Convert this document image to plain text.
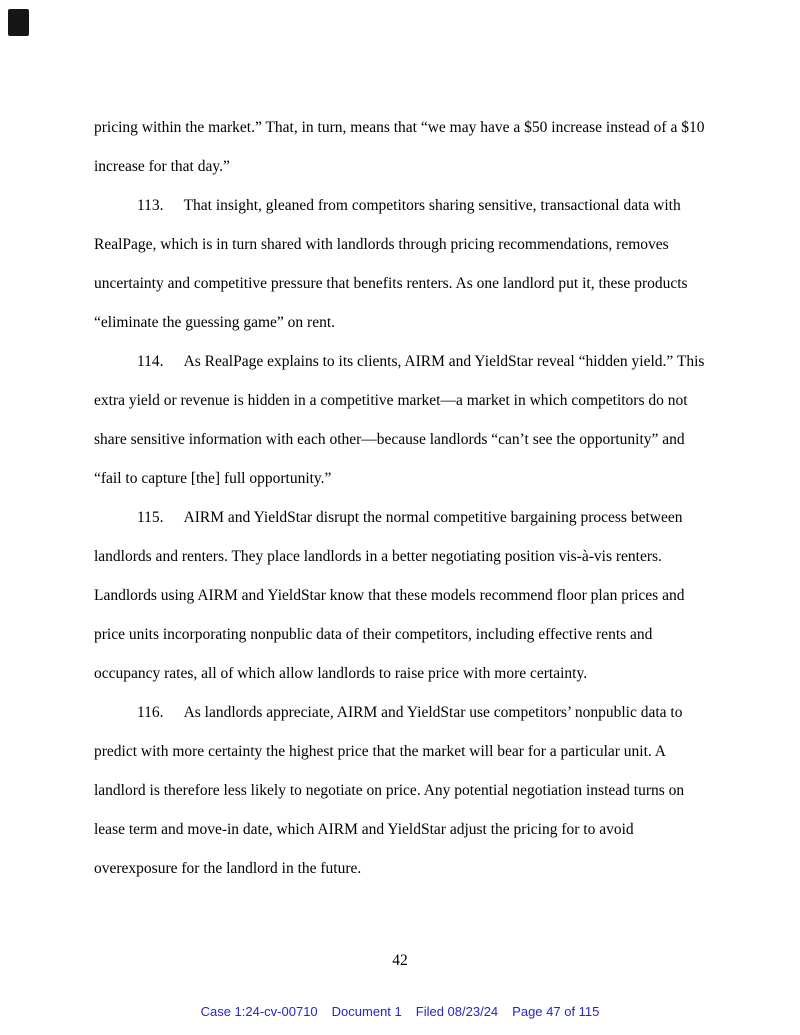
pricing within the market.” That, in turn, means that “we may have a $50 increase instead of a $10 increase for that day.”

113. That insight, gleaned from competitors sharing sensitive, transactional data with RealPage, which is in turn shared with landlords through pricing recommendations, removes uncertainty and competitive pressure that benefits renters. As one landlord put it, these products “eliminate the guessing game” on rent.

114. As RealPage explains to its clients, AIRM and YieldStar reveal “hidden yield.” This extra yield or revenue is hidden in a competitive market—a market in which competitors do not share sensitive information with each other—because landlords “can’t see the opportunity” and “fail to capture [the] full opportunity.”

115. AIRM and YieldStar disrupt the normal competitive bargaining process between landlords and renters. They place landlords in a better negotiating position vis-à-vis renters. Landlords using AIRM and YieldStar know that these models recommend floor plan prices and price units incorporating nonpublic data of their competitors, including effective rents and occupancy rates, all of which allow landlords to raise price with more certainty.

116. As landlords appreciate, AIRM and YieldStar use competitors’ nonpublic data to predict with more certainty the highest price that the market will bear for a particular unit. A landlord is therefore less likely to negotiate on price. Any potential negotiation instead turns on lease term and move-in date, which AIRM and YieldStar adjust the pricing for to avoid overexposure for the landlord in the future.

42
Case 1:24-cv-00710 Document 1 Filed 08/23/24 Page 47 of 115
